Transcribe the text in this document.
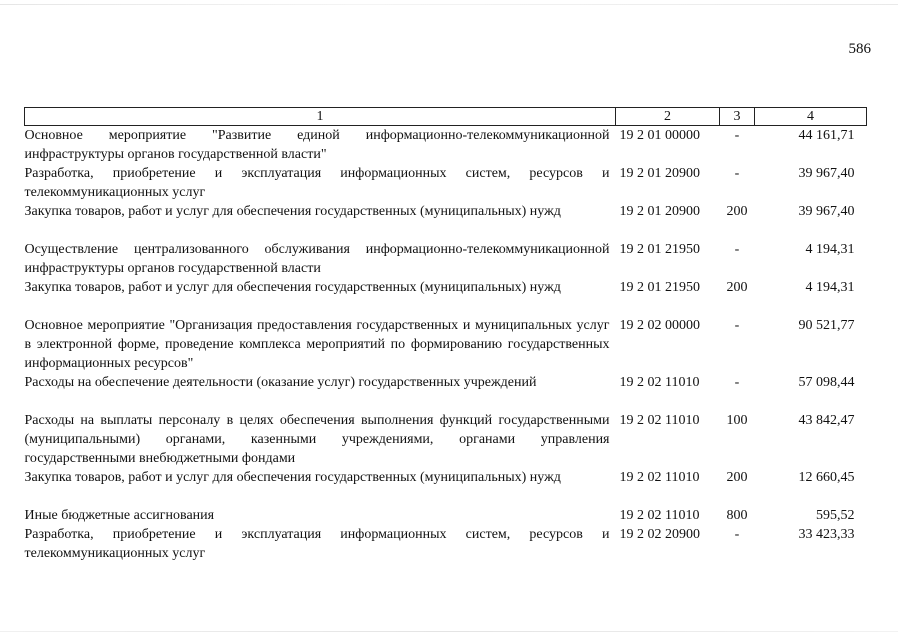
586
1	2	3	4
Основное мероприятие "Развитие единой информационно-телекоммуникационной инфраструктуры органов государственной власти"	19 2 01 00000	-	44 161,71
Разработка, приобретение и эксплуатация информационных систем, ресурсов и телекоммуникационных услуг	19 2 01 20900	-	39 967,40
Закупка товаров, работ и услуг для обеспечения государственных (муниципальных) нужд	19 2 01 20900	200	39 967,40
Осуществление централизованного обслуживания информационно-телекоммуникационной инфраструктуры органов государственной власти	19 2 01 21950	-	4 194,31
Закупка товаров, работ и услуг для обеспечения государственных (муниципальных) нужд	19 2 01 21950	200	4 194,31
Основное мероприятие "Организация предоставления государственных и муниципальных услуг в электронной форме, проведение комплекса мероприятий по формированию государственных информационных ресурсов"	19 2 02 00000	-	90 521,77
Расходы на обеспечение деятельности (оказание услуг) государственных учреждений	19 2 02 11010	-	57 098,44
Расходы на выплаты персоналу в целях обеспечения выполнения функций государственными (муниципальными) органами, казенными учреждениями, органами управления государственными внебюджетными фондами	19 2 02 11010	100	43 842,47
Закупка товаров, работ и услуг для обеспечения государственных (муниципальных) нужд	19 2 02 11010	200	12 660,45
Иные бюджетные ассигнования	19 2 02 11010	800	595,52
Разработка, приобретение и эксплуатация информационных систем, ресурсов и телекоммуникационных услуг	19 2 02 20900	-	33 423,33
